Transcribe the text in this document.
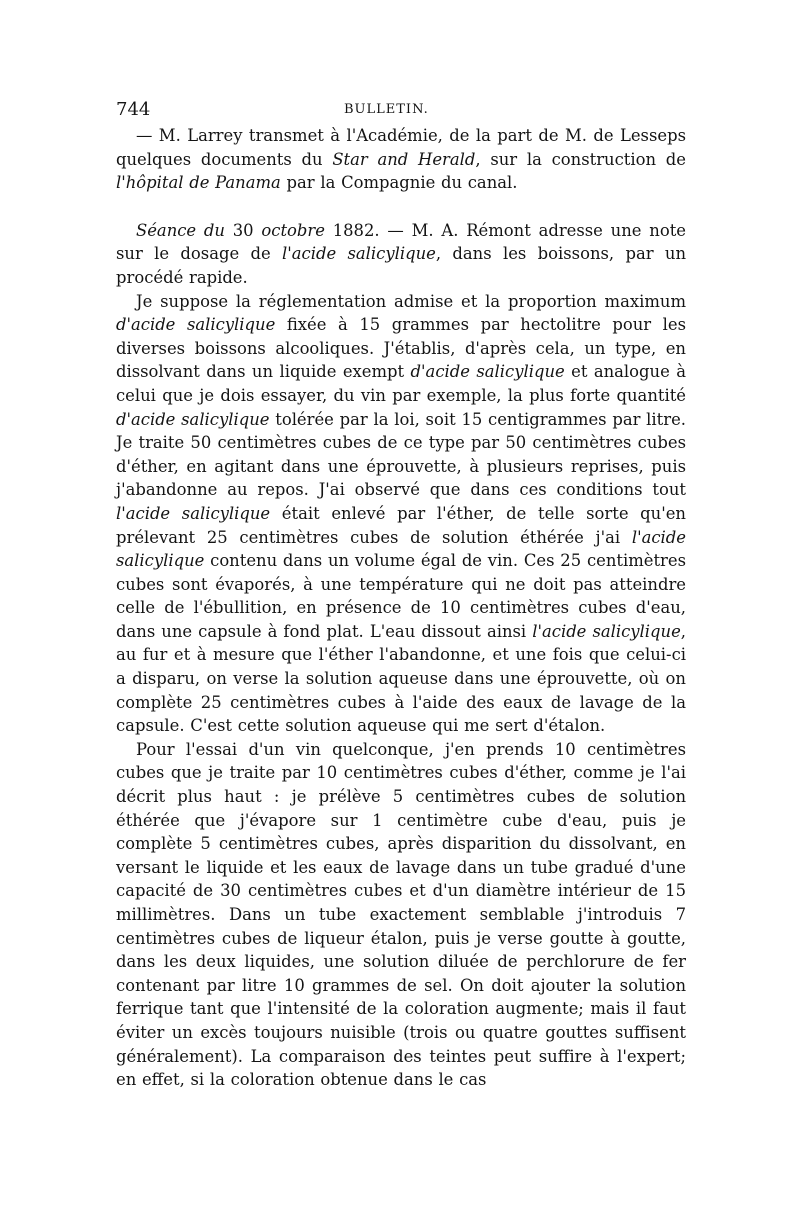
744	BULLETIN.

— M. Larrey transmet à l'Académie, de la part de M. de Lesseps quelques documents du Star and Herald, sur la construction de l'hôpital de Panama par la Compagnie du canal.

Séance du 30 octobre 1882. — M. A. Rémont adresse une note sur le dosage de l'acide salicylique, dans les boissons, par un procédé rapide.

Je suppose la réglementation admise et la proportion maximum d'acide salicylique fixée à 15 grammes par hectolitre pour les diverses boissons alcooliques. J'établis, d'après cela, un type, en dissolvant dans un liquide exempt d'acide salicylique et analogue à celui que je dois essayer, du vin par exemple, la plus forte quantité d'acide salicylique tolérée par la loi, soit 15 centigrammes par litre. Je traite 50 centimètres cubes de ce type par 50 centimètres cubes d'éther, en agitant dans une éprouvette, à plusieurs reprises, puis j'abandonne au repos. J'ai observé que dans ces conditions tout l'acide salicylique était enlevé par l'éther, de telle sorte qu'en prélevant 25 centimètres cubes de solution éthérée j'ai l'acide salicylique contenu dans un volume égal de vin. Ces 25 centimètres cubes sont évaporés, à une température qui ne doit pas atteindre celle de l'ébullition, en présence de 10 centimètres cubes d'eau, dans une capsule à fond plat. L'eau dissout ainsi l'acide salicylique, au fur et à mesure que l'éther l'abandonne, et une fois que celui-ci a disparu, on verse la solution aqueuse dans une éprouvette, où on complète 25 centimètres cubes à l'aide des eaux de lavage de la capsule. C'est cette solution aqueuse qui me sert d'étalon.

Pour l'essai d'un vin quelconque, j'en prends 10 centimètres cubes que je traite par 10 centimètres cubes d'éther, comme je l'ai décrit plus haut : je prélève 5 centimètres cubes de solution éthérée que j'évapore sur 1 centimètre cube d'eau, puis je complète 5 centimètres cubes, après disparition du dissolvant, en versant le liquide et les eaux de lavage dans un tube gradué d'une capacité de 30 centimètres cubes et d'un diamètre intérieur de 15 millimètres. Dans un tube exactement semblable j'introduis 7 centimètres cubes de liqueur étalon, puis je verse goutte à goutte, dans les deux liquides, une solution diluée de perchlorure de fer contenant par litre 10 grammes de sel. On doit ajouter la solution ferrique tant que l'intensité de la coloration augmente; mais il faut éviter un excès toujours nuisible (trois ou quatre gouttes suffisent généralement). La comparaison des teintes peut suffire à l'expert; en effet, si la coloration obtenue dans le cas
